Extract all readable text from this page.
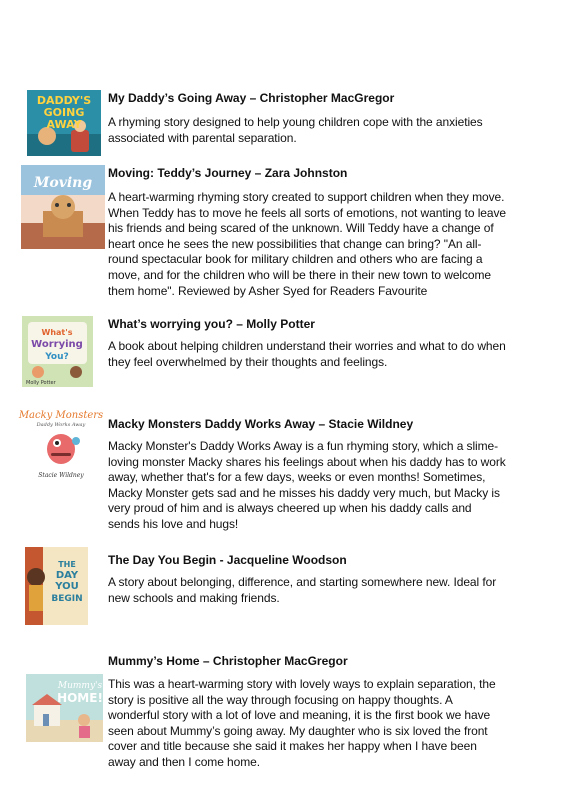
DADDY'S
GOING
AWAY
My Daddy’s Going Away – Christopher MacGregor
A rhyming story designed to help young children cope with the anxieties associated with parental separation.
Moving
Moving: Teddy’s Journey – Zara Johnston
A heart-warming rhyming story created to support children when they move. When Teddy has to move he feels all sorts of emotions, not wanting to leave his friends and being scared of the unknown. Will Teddy have a change of heart once he sees the new possibilities that change can bring? "An all-round spectacular book for military children and others who are facing a move, and for the children who will be there in their new town to welcome them home". Reviewed by Asher Syed for Readers Favourite
What's
Worrying
You?
Molly Potter
What’s worrying you? – Molly Potter
A book about helping children understand their worries and what to do when they feel overwhelmed by their thoughts and feelings.
Macky Monsters
Daddy Works Away
Stacie Wildney
Macky Monsters Daddy Works Away – Stacie Wildney
Macky Monster's Daddy Works Away is a fun rhyming story, which a slime-loving monster Macky shares his feelings about when his daddy has to work away, whether that's for a few days, weeks or even months! Sometimes, Macky Monster gets sad and he misses his daddy very much, but Macky is very proud of him and is always cheered up when his daddy calls and sends his love and hugs!
THE
DAY
YOU
BEGIN
The Day You Begin - Jacqueline Woodson
A story about belonging, difference, and starting somewhere new. Ideal for new schools and making friends.
Mummy's
HOME!
Mummy’s Home – Christopher MacGregor
This was a heart-warming story with lovely ways to explain separation, the story is positive all the way through focusing on happy thoughts. A wonderful story with a lot of love and meaning, it is the first book we have seen about Mummy’s going away. My daughter who is six loved the front cover and title because she said it makes her happy when I have been away and then I come home.
